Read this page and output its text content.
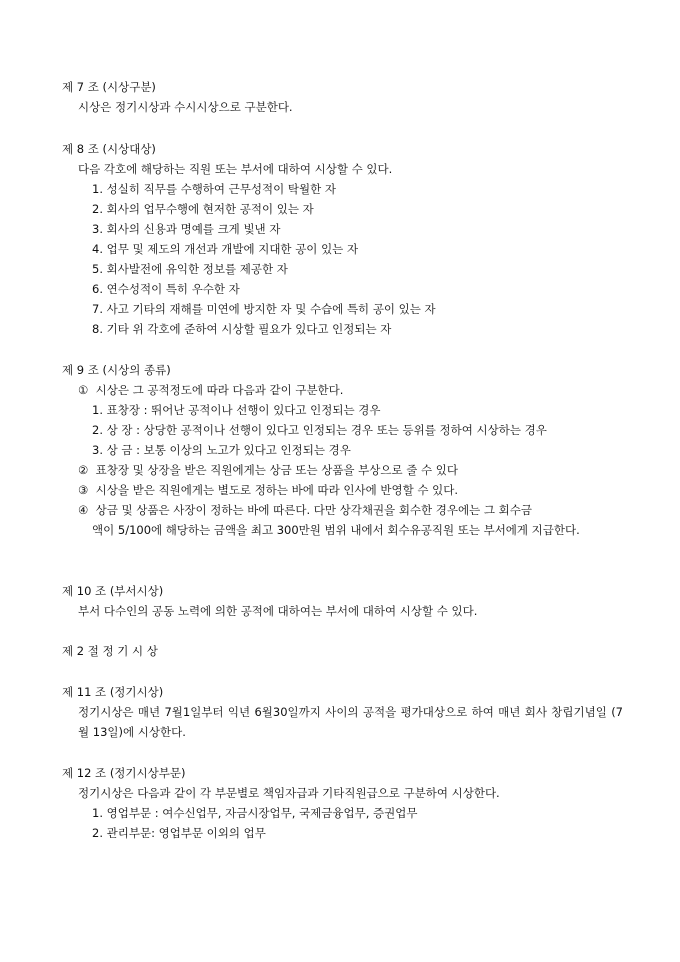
제 7 조 (시상구분)
시상은 정기시상과 수시시상으로 구분한다.
제 8 조 (시상대상)
다음 각호에 해당하는 직원 또는 부서에 대하여 시상할 수 있다.
1. 성실히 직무를 수행하여 근무성적이 탁월한 자
2. 회사의 업무수행에 현저한 공적이 있는 자
3. 회사의 신용과 명예를 크게 빛낸 자
4. 업무 및 제도의 개선과 개발에 지대한 공이 있는 자
5. 회사발전에 유익한 정보를 제공한 자
6. 연수성적이 특히 우수한 자
7. 사고 기타의 재해를 미연에 방지한 자 및 수습에 특히 공이 있는 자
8. 기타 위 각호에 준하여 시상할 필요가 있다고 인정되는 자
제 9 조 (시상의 종류)
① 시상은 그 공적정도에 따라 다음과 같이 구분한다.
1. 표창장 : 뛰어난 공적이나 선행이 있다고 인정되는 경우
2. 상 장 : 상당한 공적이나 선행이 있다고 인정되는 경우 또는 등위를 정하여 시상하는 경우
3. 상 금 : 보통 이상의 노고가 있다고 인정되는 경우
② 표창장 및 상장을 받은 직원에게는 상금 또는 상품을 부상으로 줄 수 있다
③ 시상을 받은 직원에게는 별도로 정하는 바에 따라 인사에 반영할 수 있다.
④ 상금 및 상품은 사장이 정하는 바에 따른다. 다만 상각채권을 회수한 경우에는 그 회수금
액이 5/100에 해당하는 금액을 최고 300만원 범위 내에서 회수유공직원 또는 부서에게 지급한다.
제 10 조 (부서시상)
부서 다수인의 공동 노력에 의한 공적에 대하여는 부서에 대하여 시상할 수 있다.
제 2 절 정 기 시 상
제 11 조 (정기시상)
정기시상은 매년 7월1일부터 익년 6월30일까지 사이의 공적을 평가대상으로 하여 매년 회사 창립기념일 (7월 13일)에 시상한다.
제 12 조 (정기시상부문)
정기시상은 다음과 같이 각 부문별로 책임자급과 기타직원급으로 구분하여 시상한다.
1. 영업부문 : 여수신업무, 자금시장업무, 국제금융업무, 증권업무
2. 관리부문: 영업부문 이외의 업무
